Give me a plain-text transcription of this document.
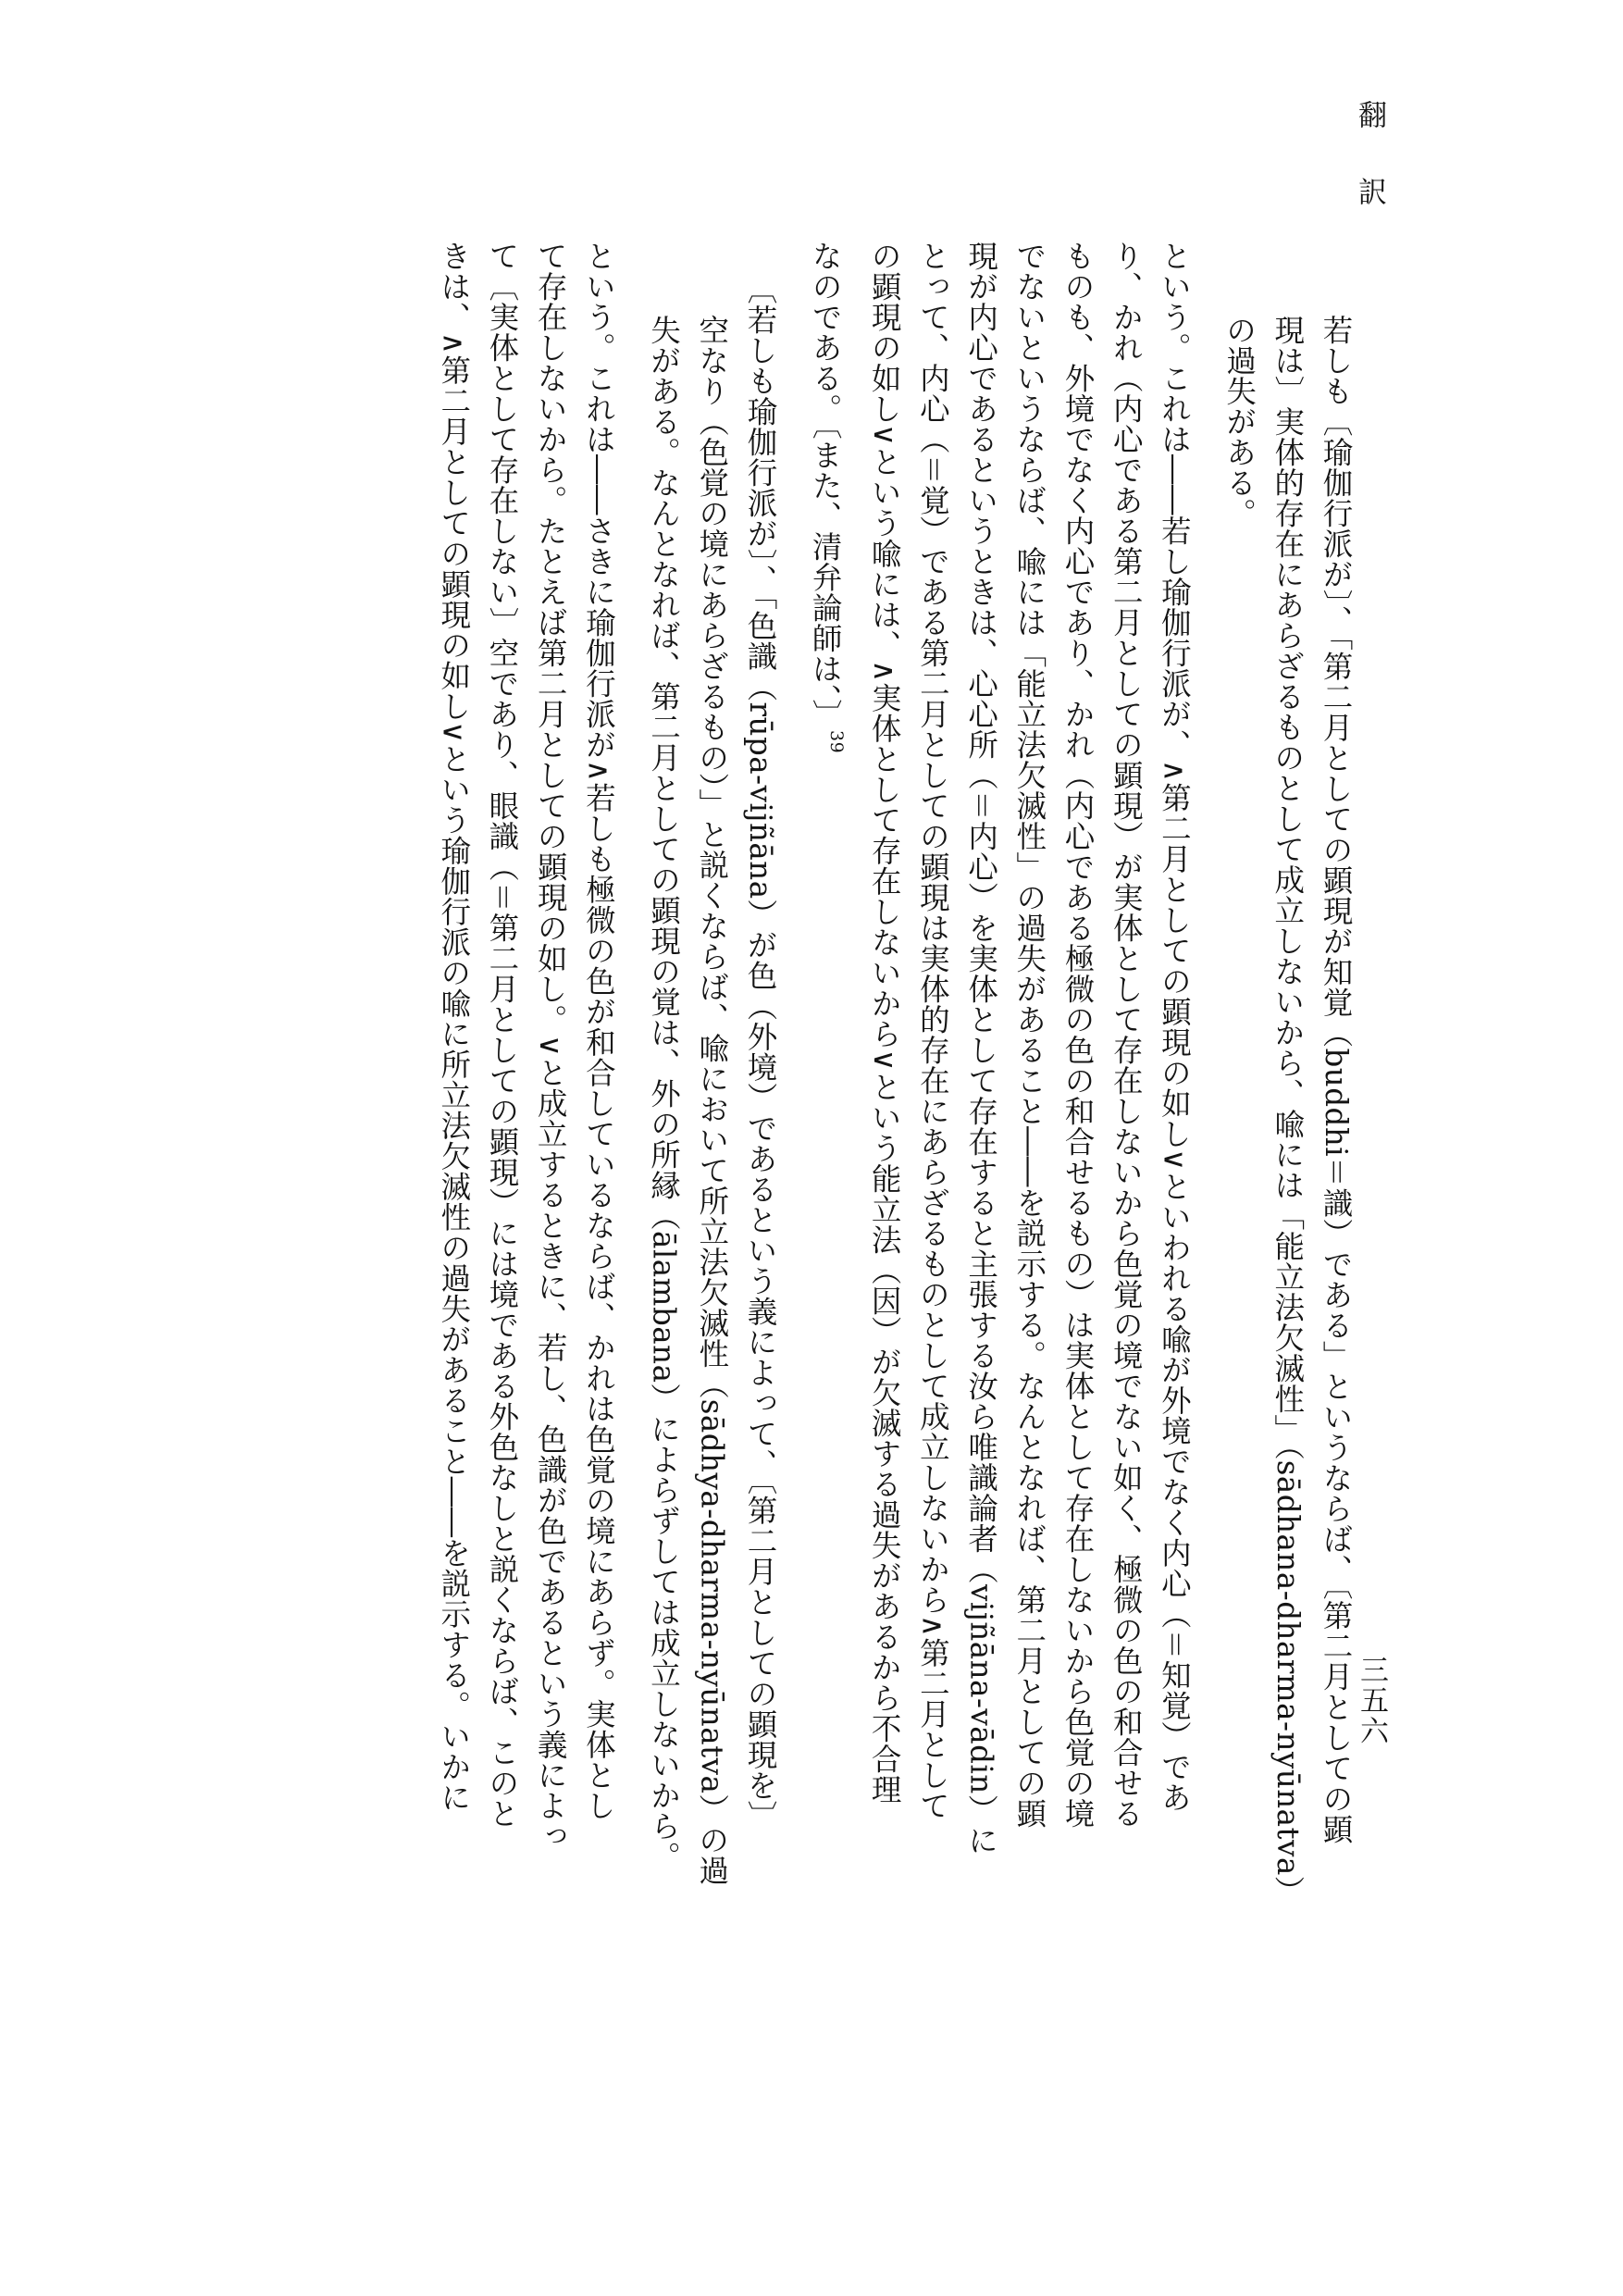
翻訳
三五六
若しも〔瑜伽行派が〕、「第二月としての顕現が知覚（buddhi＝識）である」というならば、〔第二月としての顕
現は〕実体的存在にあらざるものとして成立しないから、喩には「能立法欠滅性」（sādhana-dharma-nyūnatva）
の過失がある。
という。これは――若し瑜伽行派が、∧第二月としての顕現の如し∨といわれる喩が外境でなく内心（＝知覚）であ
り、かれ（内心である第二月としての顕現）が実体として存在しないから色覚の境でない如く、極微の色の和合せる
ものも、外境でなく内心であり、かれ（内心である極微の色の和合せるもの）は実体として存在しないから色覚の境
でないというならば、喩には「能立法欠滅性」の過失があること――を説示する。なんとなれば、第二月としての顕
現が内心であるというときは、心心所（＝内心）を実体として存在すると主張する汝ら唯識論者（vijñāna-vādin）に
とって、内心（＝覚）である第二月としての顕現は実体的存在にあらざるものとして成立しないから∧第二月として
の顕現の如し∨という喩には、∧実体として存在しないから∨という能立法（因）が欠滅する過失があるから不合理
なのである。〔また、清弁論師は、〕39
〔若しも瑜伽行派が〕、「色識（rūpa-vijñāna）が色（外境）であるという義によって、〔第二月としての顕現を〕
空なり（色覚の境にあらざるもの）」と説くならば、喩において所立法欠滅性（sādhya-dharma-nyūnatva）の過
失がある。なんとなれば、第二月としての顕現の覚は、外の所縁（ālambana）によらずしては成立しないから。
という。これは――さきに瑜伽行派が∧若しも極微の色が和合しているならば、かれは色覚の境にあらず。実体とし
て存在しないから。たとえば第二月としての顕現の如し。∨と成立するときに、若し、色識が色であるという義によっ
て〔実体として存在しない〕空であり、眼識（＝第二月としての顕現）には境である外色なしと説くならば、このと
きは、∧第二月としての顕現の如し∨という瑜伽行派の喩に所立法欠滅性の過失があること――を説示する。いかに
